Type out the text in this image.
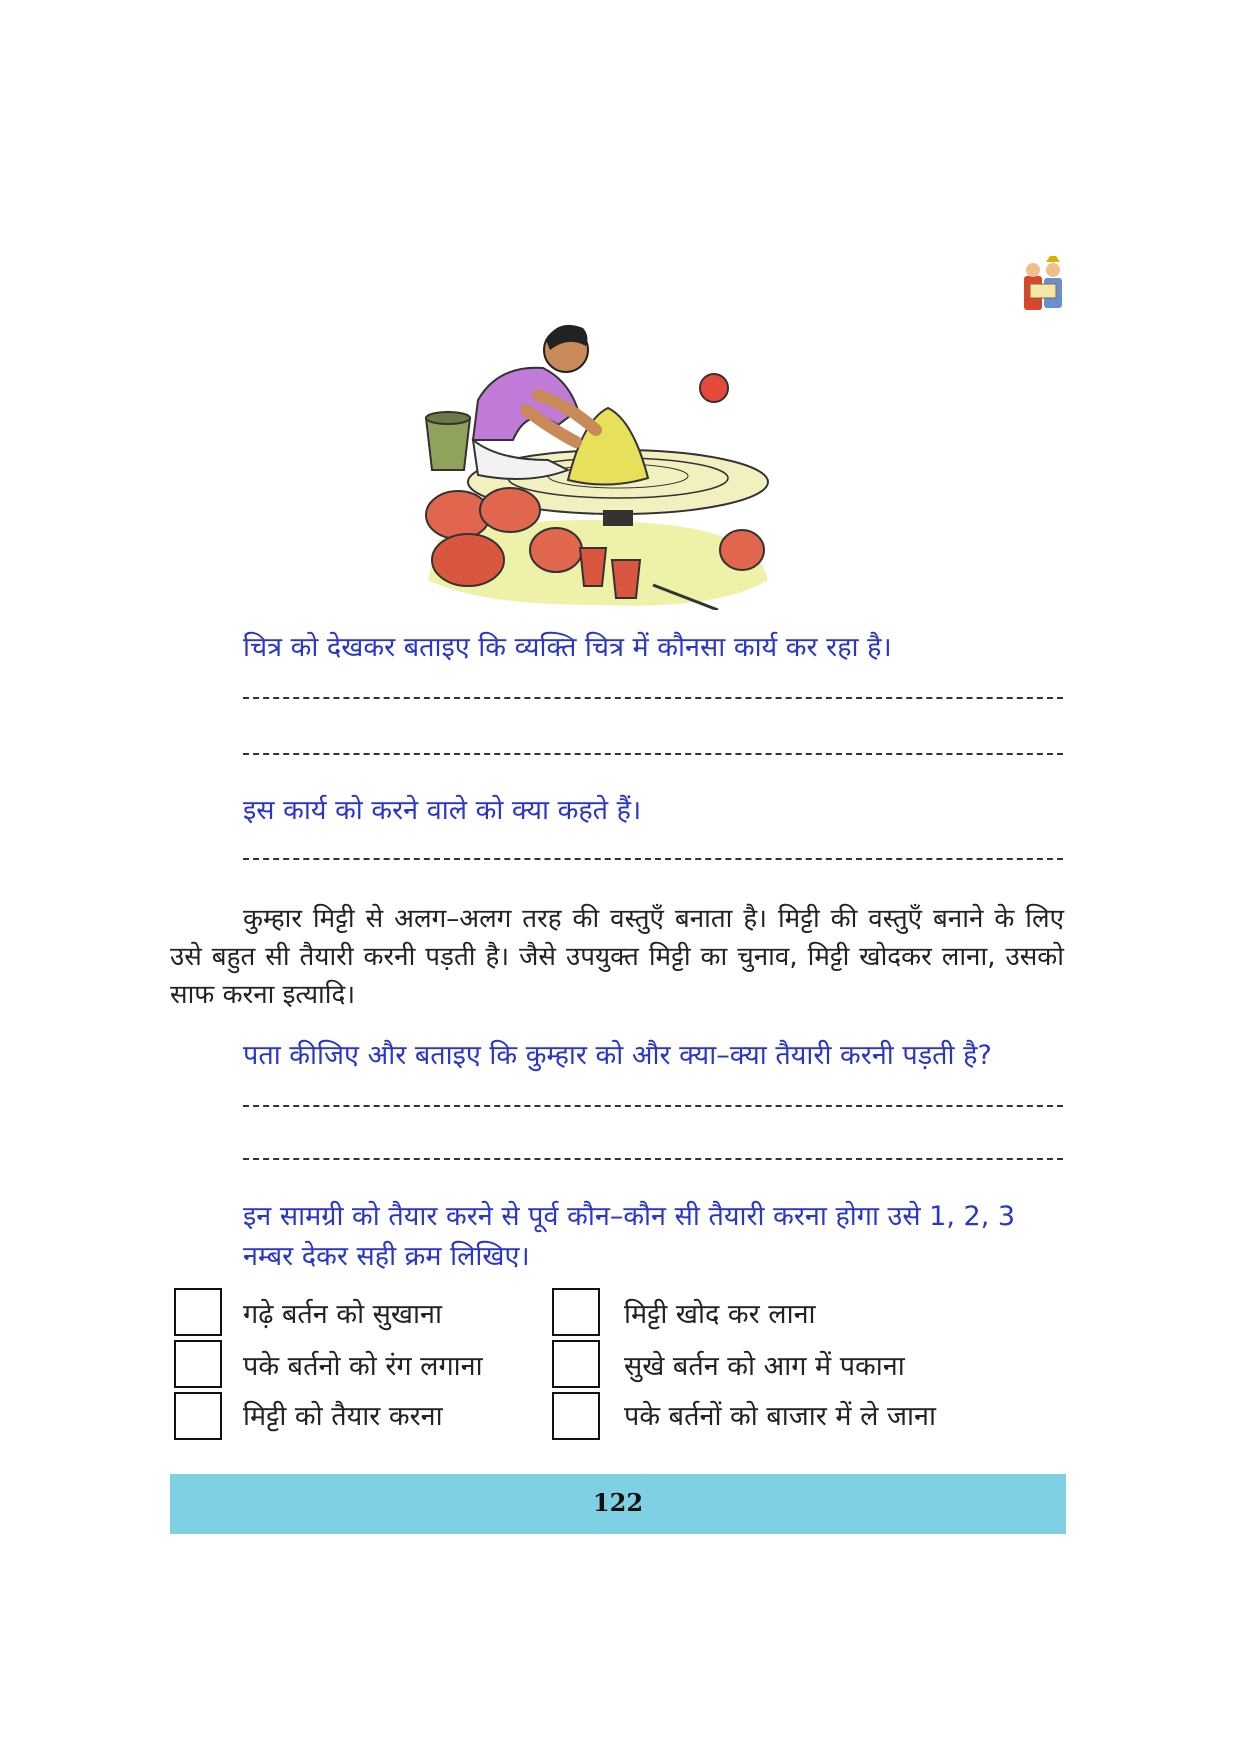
चित्र को देखकर बताइए कि व्यक्ति चित्र में कौनसा कार्य कर रहा है।
इस कार्य को करने वाले को क्या कहते हैं।
कुम्हार मिट्टी से अलग–अलग तरह की वस्तुएँ बनाता है। मिट्टी की वस्तुएँ बनाने के लिए उसे बहुत सी तैयारी करनी पड़ती है। जैसे उपयुक्त मिट्टी का चुनाव, मिट्टी खोदकर लाना, उसको साफ करना इत्यादि।
पता कीजिए और बताइए कि कुम्हार को और क्या–क्या तैयारी करनी पड़ती है?
इन सामग्री को तैयार करने से पूर्व कौन–कौन सी तैयारी करना होगा उसे 1, 2, 3 नम्बर देकर सही क्रम लिखिए।
गढ़े बर्तन को सुखाना
पके बर्तनो को रंग लगाना
मिट्टी को तैयार करना
मिट्टी खोद कर लाना
सुखे बर्तन को आग में पकाना
पके बर्तनों को बाजार में ले जाना
122
